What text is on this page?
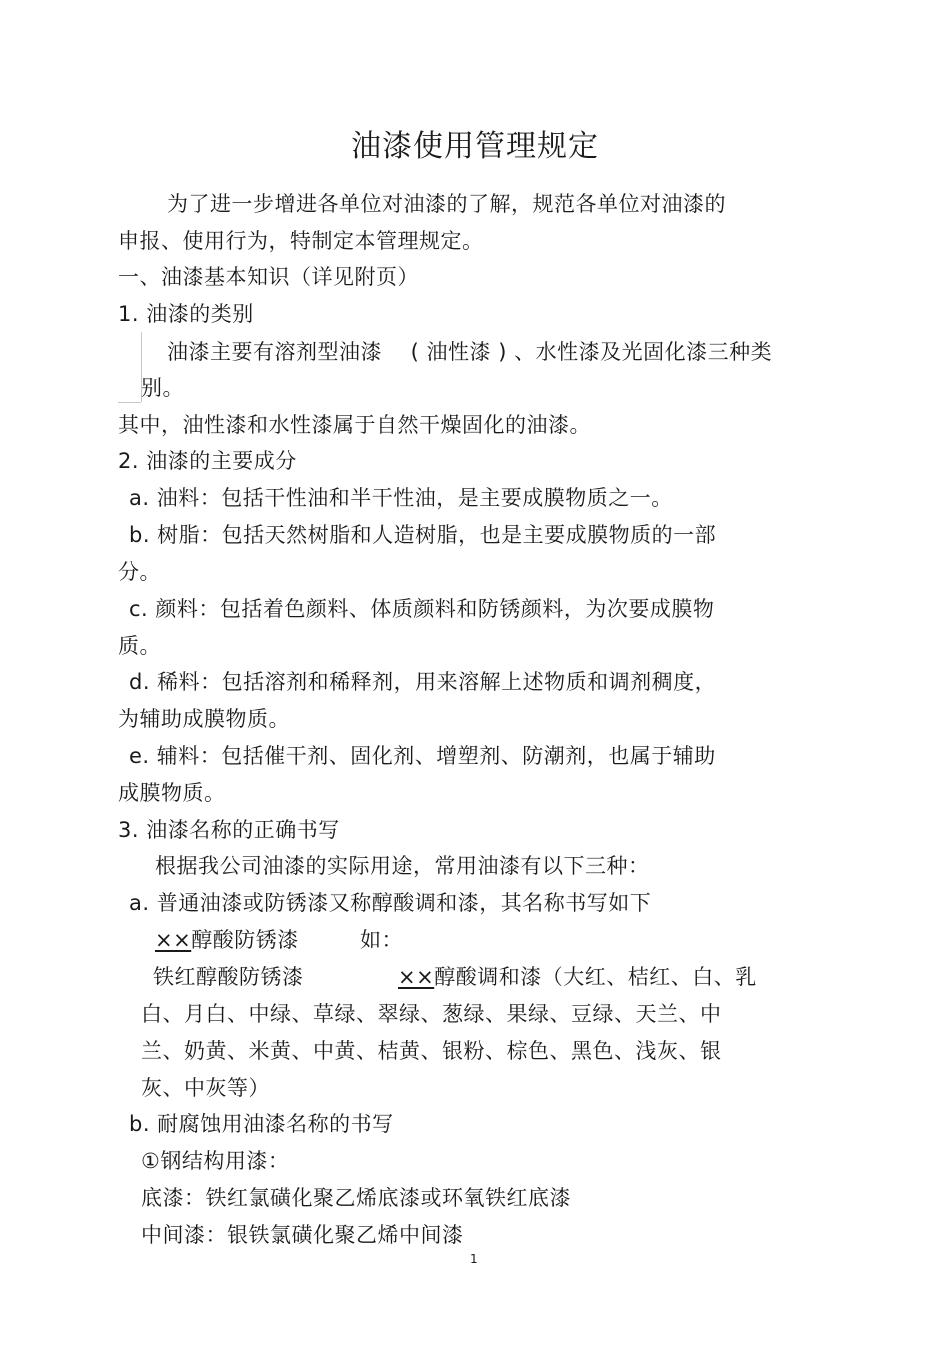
油漆使用管理规定
为了进一步增进各单位对油漆的了解，规范各单位对油漆的
申报、使用行为，特制定本管理规定。
一、油漆基本知识（详见附页）
1. 油漆的类别
油漆主要有溶剂型油漆　 ( 油性漆 ) 、水性漆及光固化漆三种类
别。
其中，油性漆和水性漆属于自然干燥固化的油漆。
2. 油漆的主要成分
a. 油料：包括干性油和半干性油，是主要成膜物质之一。
b. 树脂：包括天然树脂和人造树脂，也是主要成膜物质的一部
分。
c. 颜料：包括着色颜料、体质颜料和防锈颜料，为次要成膜物
质。
d. 稀料：包括溶剂和稀释剂，用来溶解上述物质和调剂稠度，
为辅助成膜物质。
e. 辅料：包括催干剂、固化剂、增塑剂、防潮剂，也属于辅助
成膜物质。
3. 油漆名称的正确书写
根据我公司油漆的实际用途，常用油漆有以下三种：
a. 普通油漆或防锈漆又称醇酸调和漆，其名称书写如下
××醇酸防锈漆	如：
铁红醇酸防锈漆	××醇酸调和漆（大红、桔红、白、乳
白、月白、中绿、草绿、翠绿、葱绿、果绿、豆绿、天兰、中
兰、奶黄、米黄、中黄、桔黄、银粉、棕色、黑色、浅灰、银
灰、中灰等）
b. 耐腐蚀用油漆名称的书写
①钢结构用漆：
底漆：铁红氯磺化聚乙烯底漆或环氧铁红底漆
中间漆：银铁氯磺化聚乙烯中间漆
1
